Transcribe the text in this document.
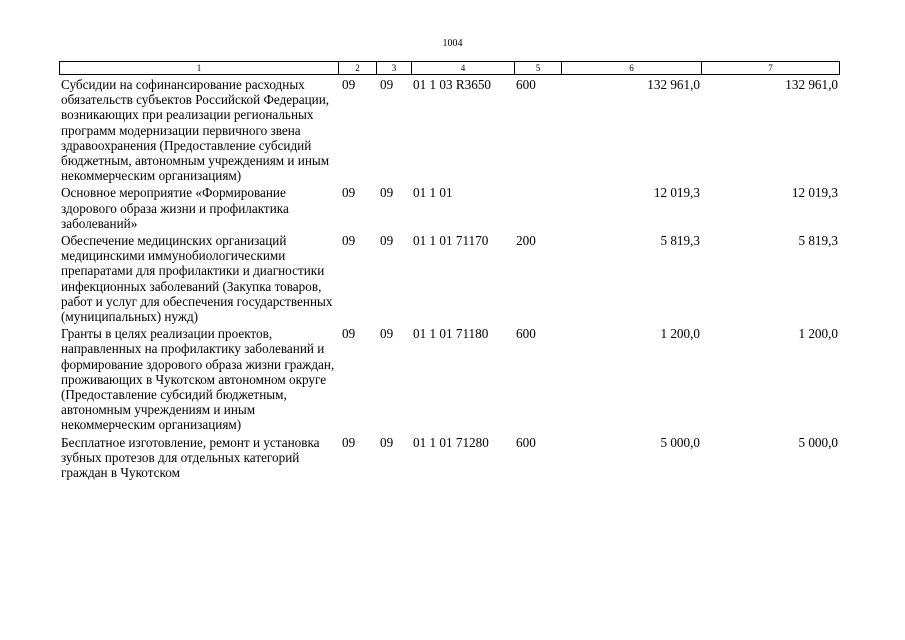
1004
1	2	3	4	5	6	7
Субсидии на софинансирование расходных обязательств субъектов Российской Федерации, возникающих при реализации региональных программ модернизации первичного звена здравоохранения (Предоставление субсидий бюджетным, автономным учреждениям и иным некоммерческим организациям)	09	09	01 1 03 R3650	600	132 961,0	132 961,0
Основное мероприятие «Формирование здорового образа жизни и профилактика заболеваний»	09	09	01 1 01		12 019,3	12 019,3
Обеспечение медицинских организаций медицинскими иммунобиологическими препаратами для профилактики и диагностики инфекционных заболеваний (Закупка товаров, работ и услуг для обеспечения государственных (муниципальных) нужд)	09	09	01 1 01 71170	200	5 819,3	5 819,3
Гранты в целях реализации проектов, направленных на профилактику заболеваний и формирование здорового образа жизни граждан, проживающих в Чукотском автономном округе (Предоставление субсидий бюджетным, автономным учреждениям и иным некоммерческим организациям)	09	09	01 1 01 71180	600	1 200,0	1 200,0
Бесплатное изготовление, ремонт и установка зубных протезов для отдельных категорий граждан в Чукотском	09	09	01 1 01 71280	600	5 000,0	5 000,0
